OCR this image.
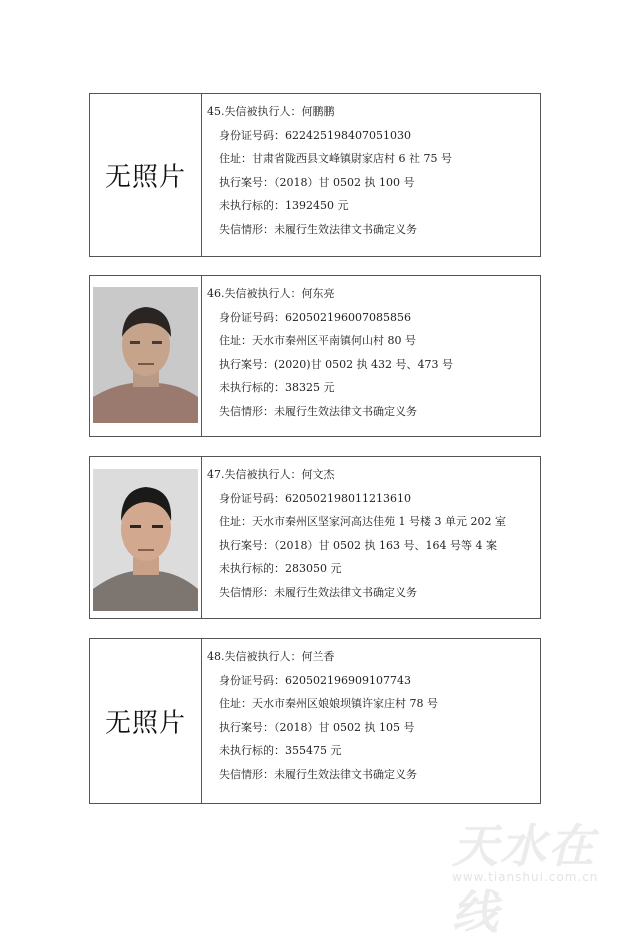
无照片
45.失信被执行人：何鹏鹏
身份证号码：622425198407051030
住址：甘肃省陇西县文峰镇尉家店村 6 社 75 号
执行案号：（2018）甘 0502 执 100 号
未执行标的：1392450 元
失信情形：未履行生效法律文书确定义务
46.失信被执行人：何东亮
身份证号码：620502196007085856
住址：天水市秦州区平南镇何山村 80 号
执行案号：(2020)甘 0502 执 432 号、473 号
未执行标的：38325 元
失信情形：未履行生效法律文书确定义务
47.失信被执行人：何文杰
身份证号码：620502198011213610
住址：天水市秦州区坚家河高达佳苑 1 号楼 3 单元 202 室
执行案号：（2018）甘 0502 执 163 号、164 号等 4 案
未执行标的：283050 元
失信情形：未履行生效法律文书确定义务
无照片
48.失信被执行人：何兰香
身份证号码：620502196909107743
住址：天水市秦州区娘娘坝镇许家庄村 78 号
执行案号：（2018）甘 0502 执 105 号
未执行标的：355475 元
失信情形：未履行生效法律文书确定义务
天水在线
www.tianshui.com.cn
